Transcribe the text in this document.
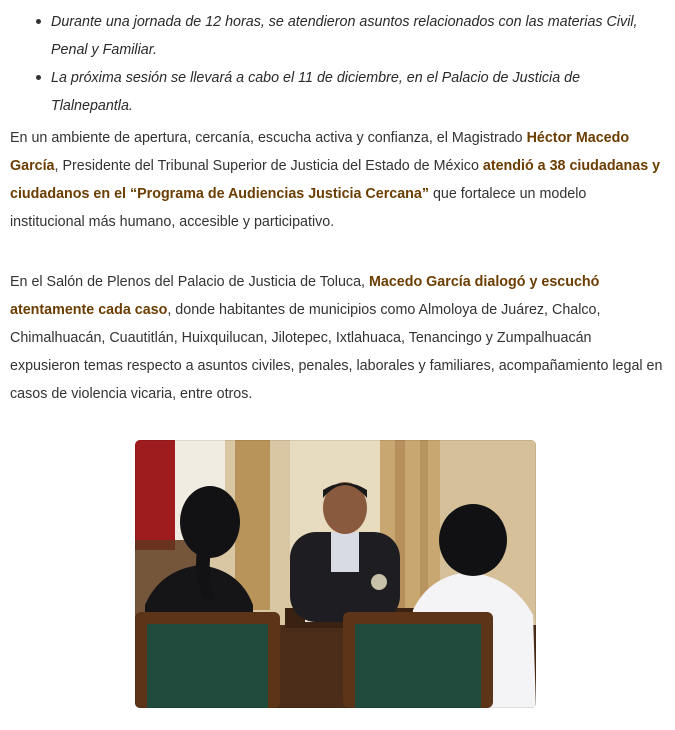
Durante una jornada de 12 horas, se atendieron asuntos relacionados con las materias Civil, Penal y Familiar.
La próxima sesión se llevará a cabo el 11 de diciembre, en el Palacio de Justicia de Tlalnepantla.

En un ambiente de apertura, cercanía, escucha activa y confianza, el Magistrado Héctor Macedo García, Presidente del Tribunal Superior de Justicia del Estado de México atendió a 38 ciudadanas y ciudadanos en el “Programa de Audiencias Justicia Cercana” que fortalece un modelo institucional más humano, accesible y participativo.

En el Salón de Plenos del Palacio de Justicia de Toluca, Macedo García dialogó y escuchó atentamente cada caso, donde habitantes de municipios como Almoloya de Juárez, Chalco, Chimalhuacán, Cuautitlán, Huixquilucan, Jilotepec, Ixtlahuaca, Tenancingo y Zumpalhuacán expusieron temas respecto a asuntos civiles, penales, laborales y familiares, acompañamiento legal en casos de violencia vicaria, entre otros.
